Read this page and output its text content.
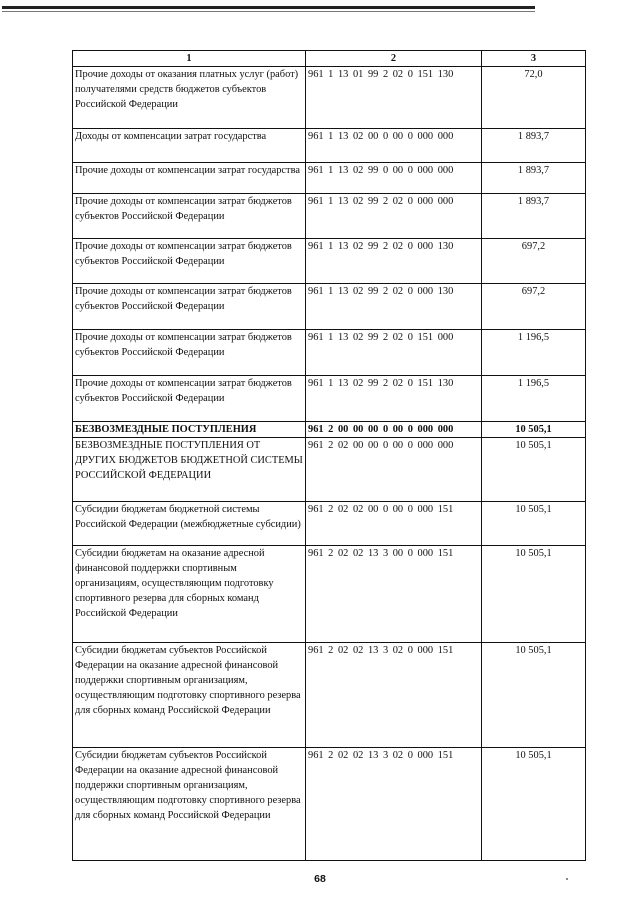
1	2	3
Прочие доходы от оказания платных услуг (работ) получателями средств бюджетов субъектов Российской Федерации	961 1 13 01 99 2 02 0 151 130	72,0
Доходы от компенсации затрат государства	961 1 13 02 00 0 00 0 000 000	1 893,7
Прочие доходы от компенсации затрат государства	961 1 13 02 99 0 00 0 000 000	1 893,7
Прочие доходы от компенсации затрат бюджетов субъектов Российской Федерации	961 1 13 02 99 2 02 0 000 000	1 893,7
Прочие доходы от компенсации затрат бюджетов субъектов Российской Федерации	961 1 13 02 99 2 02 0 000 130	697,2
Прочие доходы от компенсации затрат бюджетов субъектов Российской Федерации	961 1 13 02 99 2 02 0 000 130	697,2
Прочие доходы от компенсации затрат бюджетов субъектов Российской Федерации	961 1 13 02 99 2 02 0 151 000	1 196,5
Прочие доходы от компенсации затрат бюджетов субъектов Российской Федерации	961 1 13 02 99 2 02 0 151 130	1 196,5
БЕЗВОЗМЕЗДНЫЕ ПОСТУПЛЕНИЯ	961 2 00 00 00 0 00 0 000 000	10 505,1
БЕЗВОЗМЕЗДНЫЕ ПОСТУПЛЕНИЯ ОТ ДРУГИХ БЮДЖЕТОВ БЮДЖЕТНОЙ СИСТЕМЫ РОССИЙСКОЙ ФЕДЕРАЦИИ	961 2 02 00 00 0 00 0 000 000	10 505,1
Субсидии бюджетам бюджетной системы Российской Федерации (межбюджетные субсидии)	961 2 02 02 00 0 00 0 000 151	10 505,1
Субсидии бюджетам на оказание адресной финансовой поддержки спортивным организациям, осуществляющим подготовку спортивного резерва для сборных команд Российской Федерации	961 2 02 02 13 3 00 0 000 151	10 505,1
Субсидии бюджетам субъектов Российской Федерации на оказание адресной финансовой поддержки спортивным организациям, осуществляющим подготовку спортивного резерва для сборных команд Российской Федерации	961 2 02 02 13 3 02 0 000 151	10 505,1
Субсидии бюджетам субъектов Российской Федерации на оказание адресной финансовой поддержки спортивным организациям, осуществляющим подготовку спортивного резерва для сборных команд Российской Федерации	961 2 02 02 13 3 02 0 000 151	10 505,1
68
